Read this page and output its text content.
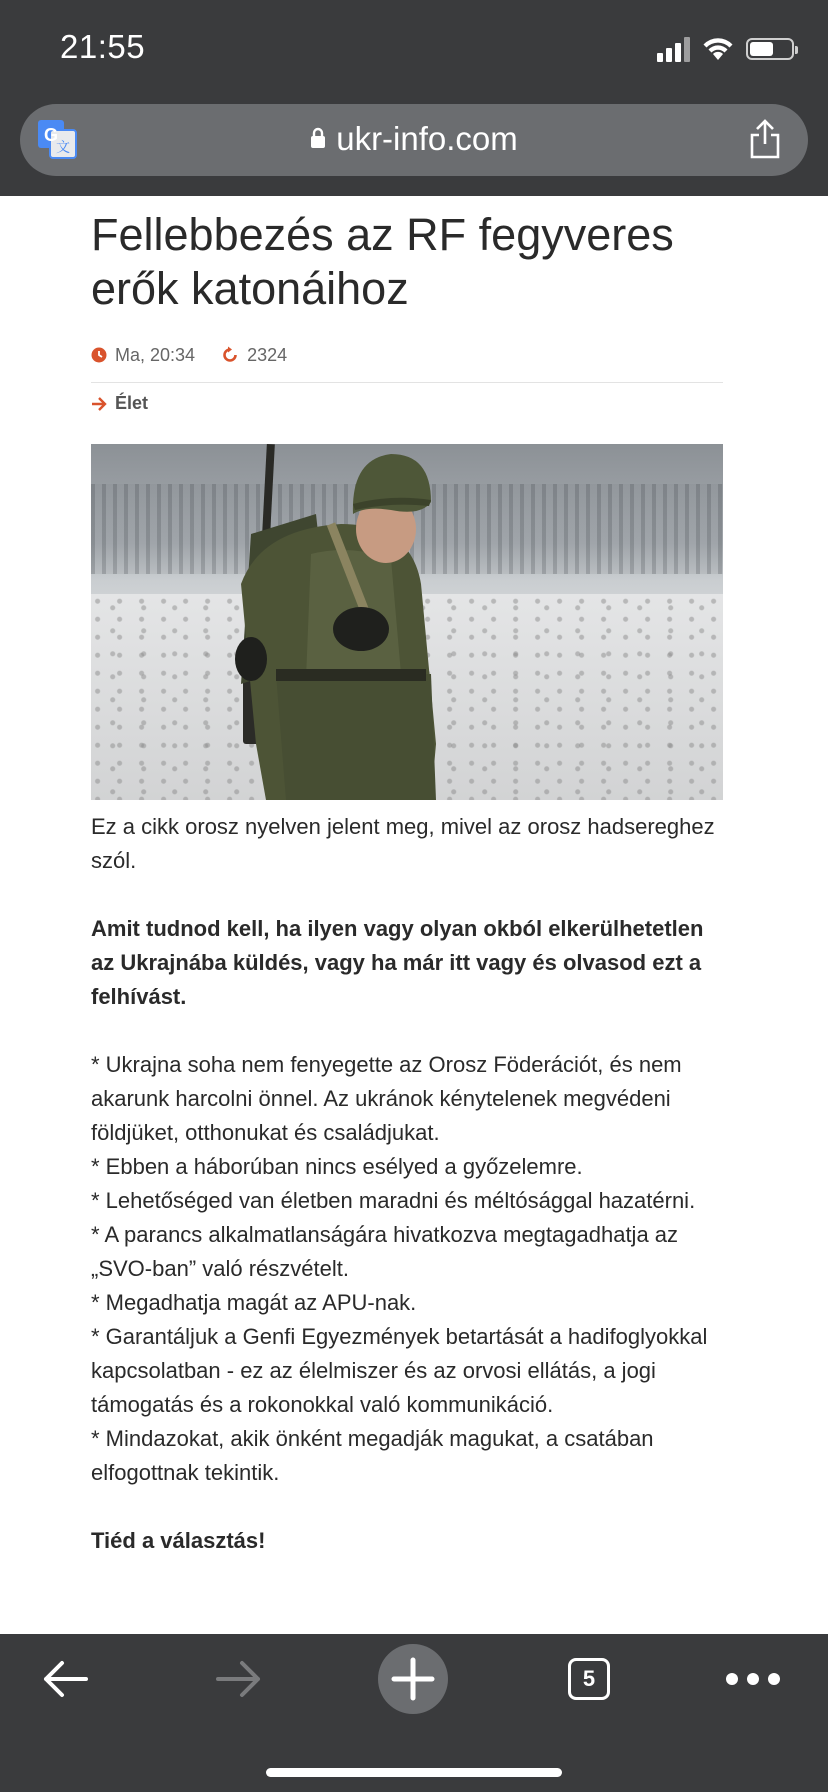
21:55
G
文	ukr-info.com
Fellebbezés az RF fegyveres erők katonáihoz
Ma, 20:34	2324
Élet

Ez a cikk orosz nyelven jelent meg, mivel az orosz hadsereghez szól.

Amit tudnod kell, ha ilyen vagy olyan okból elkerülhetetlen az Ukrajnába küldés, vagy ha már itt vagy és olvasod ezt a felhívást.

* Ukrajna soha nem fenyegette az Orosz Föderációt, és nem akarunk harcolni önnel. Az ukránok kénytelenek megvédeni földjüket, otthonukat és családjukat.

* Ebben a háborúban nincs esélyed a győzelemre.

* Lehetőséged van életben maradni és méltósággal hazatérni.

* A parancs alkalmatlanságára hivatkozva megtagadhatja az „SVO-ban” való részvételt.

* Megadhatja magát az APU-nak.

* Garantáljuk a Genfi Egyezmények betartását a hadifoglyokkal kapcsolatban - ez az élelmiszer és az orvosi ellátás, a jogi támogatás és a rokonokkal való kommunikáció.

* Mindazokat, akik önként megadják magukat, a csatában elfogottnak tekintik.

Tiéd a választás!

5
